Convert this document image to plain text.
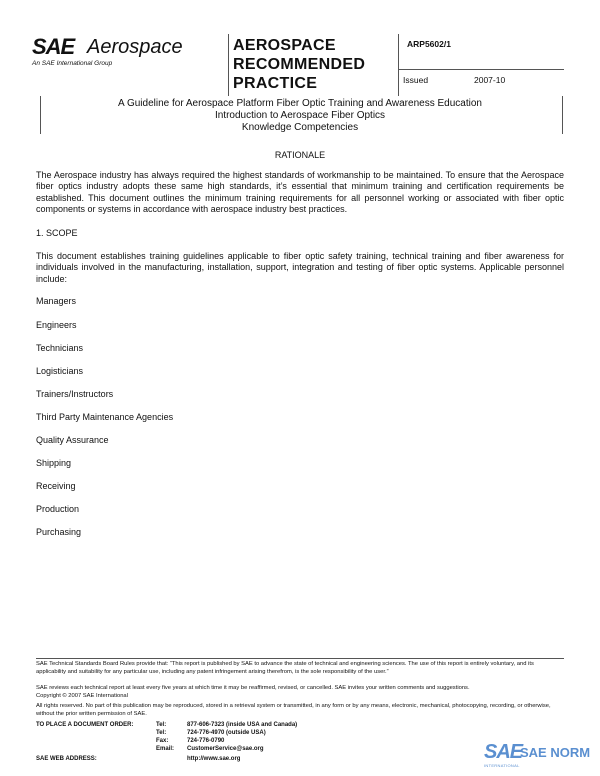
SAE Aerospace
An SAE International Group
AEROSPACE
RECOMMENDED
PRACTICE
ARP5602/1
Issued	2007-10
A Guideline for Aerospace Platform Fiber Optic Training and Awareness Education
Introduction to Aerospace Fiber Optics
Knowledge Competencies
RATIONALE
The Aerospace industry has always required the highest standards of workmanship to be maintained. To ensure that the Aerospace fiber optics industry adopts these same high standards, it’s essential that minimum training and certification requirements be established. This document outlines the minimum training requirements for all personnel working or associated with fiber optic components or systems in accordance with aerospace industry best practices.
1. SCOPE
This document establishes training guidelines applicable to fiber optic safety training, technical training and fiber awareness for individuals involved in the manufacturing, installation, support, integration and testing of fiber optic systems. Applicable personnel include:
Managers
Engineers
Technicians
Logisticians
Trainers/Instructors
Third Party Maintenance Agencies
Quality Assurance
Shipping
Receiving
Production
Purchasing
SAE Technical Standards Board Rules provide that: “This report is published by SAE to advance the state of technical and engineering sciences. The use of this report is entirely voluntary, and its applicability and suitability for any particular use, including any patent infringement arising therefrom, is the sole responsibility of the user.”
SAE reviews each technical report at least every five years at which time it may be reaffirmed, revised, or cancelled. SAE invites your written comments and suggestions.
Copyright © 2007 SAE International
All rights reserved. No part of this publication may be reproduced, stored in a retrieval system or transmitted, in any form or by any means, electronic, mechanical, photocopying, recording, or otherwise, without the prior written permission of SAE.
TO PLACE A DOCUMENT ORDER:	Tel:	877-606-7323 (inside USA and Canada)
Tel:	724-776-4970 (outside USA)
Fax:	724-776-0790
Email: CustomerService@sae.org
SAE WEB ADDRESS:	http://www.sae.org	SAE
SAE NORM
INTERNATIONAL
